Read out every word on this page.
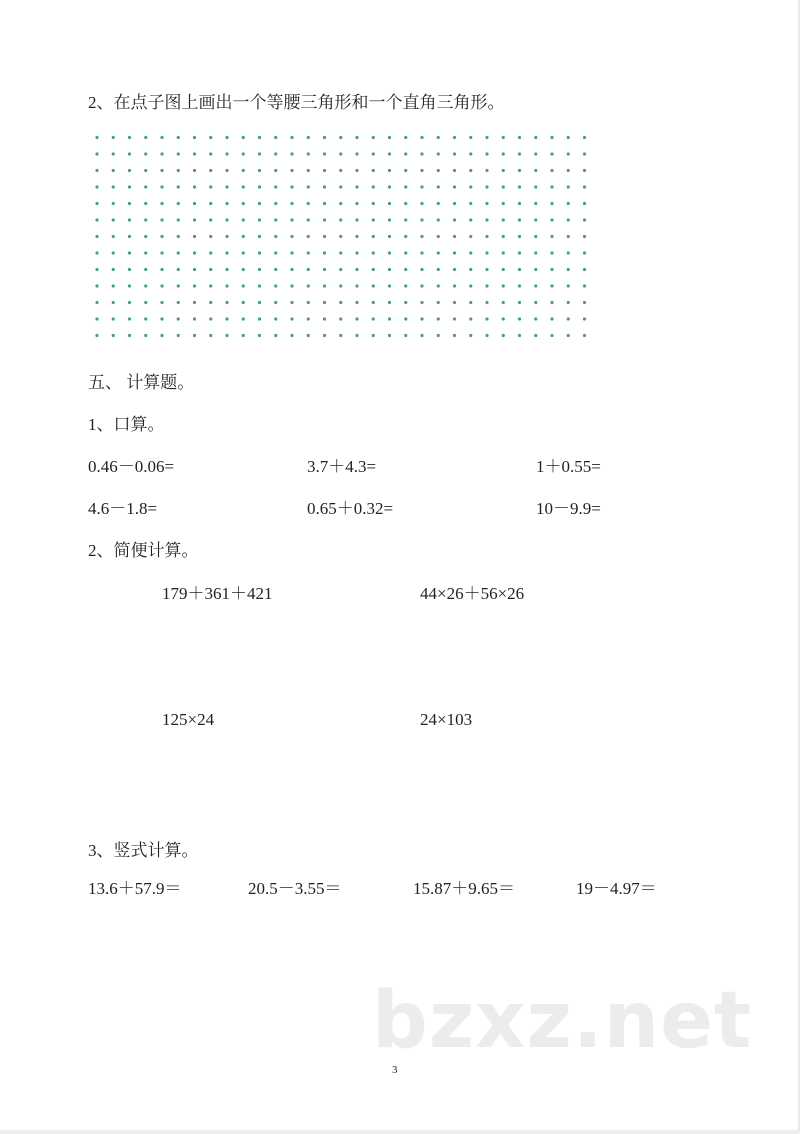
2、在点子图上画出一个等腰三角形和一个直角三角形。
五、 计算题。
1、口算。
0.46－0.06=	3.7＋4.3=	1＋0.55=
4.6－1.8=	0.65＋0.32=	10－9.9=
2、简便计算。
179＋361＋421	44×26＋56×26
125×24	24×103
3、竖式计算。
13.6＋57.9＝	20.5－3.55＝	15.87＋9.65＝	19－4.97＝
bzxz.net
3
